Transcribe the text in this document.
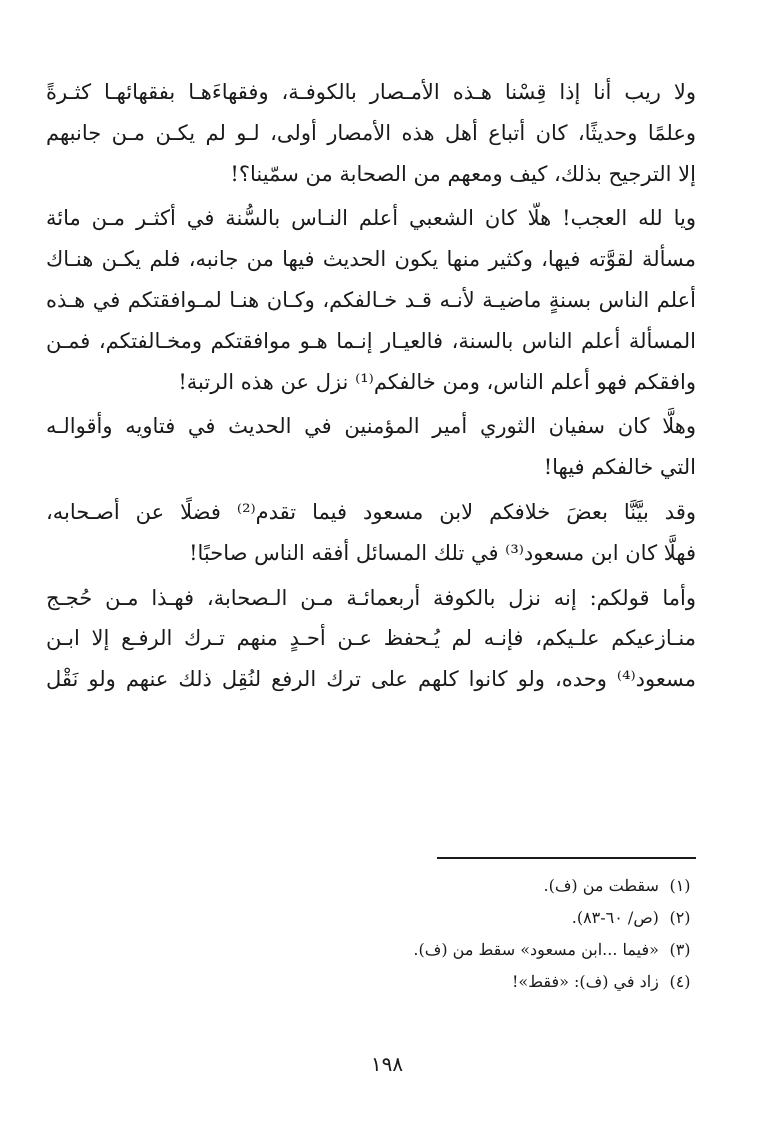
ولا ريب أنا إذا قِسْنا هـذه الأمـصار بالكوفـة، وفقهاءَهـا بفقهائهـا كثـرةً
وعلمًا وحديثًا، كان أتباع أهل هذه الأمصار أولى، لـو لم يكـن مـن جانبهم
إلا الترجيح بذلك، كيف ومعهم من الصحابة من سمّينا؟!
ويا لله العجب! هلّا كان الشعبي أعلم النـاس بالسُّنة في أكثـر مـن مائة
مسألة لقوَّته فيها، وكثير منها يكون الحديث فيها من جانبه، فلم يكـن هنـاك
أعلم الناس بسنةٍ ماضيـة لأنـه قـد خـالفكم، وكـان هنـا لمـوافقتكم في هـذه
المسألة أعلم الناس بالسنة، فالعيـار إنـما هـو موافقتكم ومخـالفتكم، فمـن
وافقكم فهو أعلم الناس، ومن خالفكم⁽¹⁾ نزل عن هذه الرتبة!
وهلَّا كان سفيان الثوري أمير المؤمنين في الحديث في فتاويه وأقوالـه
التي خالفكم فيها!
وقد بيَّنَّا بعضَ خلافكم لابن مسعود فيما تقدم⁽²⁾ فضلًا عن أصـحابه،
فهلَّا كان ابن مسعود⁽³⁾ في تلك المسائل أفقه الناس صاحبًا!
وأما قولكم: إنه نزل بالكوفة أربعمائـة مـن الـصحابة، فهـذا مـن حُجـج
منـازعيكم علـيكم، فإنـه لم يُـحفظ عـن أحـدٍ منهم تـرك الرفـع إلا ابـن
مسعود⁽⁴⁾ وحده، ولو كانوا كلهم على ترك الرفع لنُقِل ذلك عنهم ولو نَقْل
(١) سقطت من (ف).
(٢) (ص/ ٦٠-٨٣).
(٣) «فيما ...ابن مسعود» سقط من (ف).
(٤) زاد في (ف): «فقط»!
١٩٨
